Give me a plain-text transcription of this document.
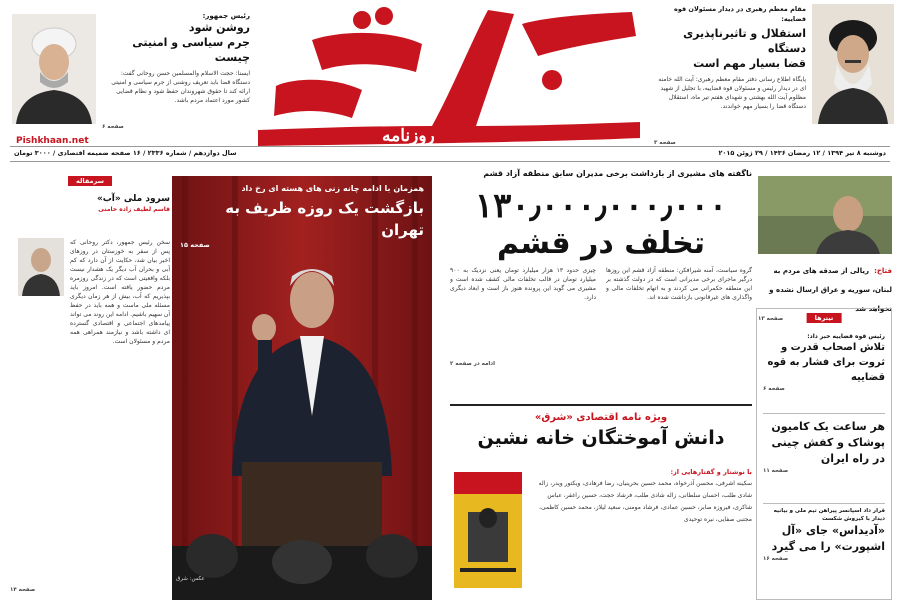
مقام معظم رهبری در دیدار مسئولان قوه قضاییه:
استقلال و تاثیرناپذیری دستگاه
قضا بسیار مهم است
پایگاه اطلاع رسانی دفتر مقام معظم رهبری: آیت الله خامنه ای در دیدار رئیس و مسئولان قوه قضاییه، با تجلیل از شهید مظلوم آیت الله بهشتی و شهدای هفتم تیر ماه، استقلال دستگاه قضا را بسیار مهم خواندند.
صفحه ۳
روزنامه
Pishkhaan.net
رئیس جمهور:
روشن شود
جرم سیاسی و امنیتی چیست
ایسنا: حجت الاسلام والمسلمین حسن روحانی گفت: دستگاه قضا باید تعریف روشنی از جرم سیاسی و امنیتی ارائه کند تا حقوق شهروندان حفظ شود و نظام قضایی کشور مورد اعتماد مردم باشد.
صفحه ۶
دوشنبه ۸ تیر ۱۳۹۴ / ۱۲ رمضان ۱۴۳۶ / ۲۹ ژوئن ۲۰۱۵
سال دوازدهم / شماره ۲۳۳۶ / ۱۶ صفحه ضمیمه اقتصادی / ۳۰۰۰ تومان
فتاح: ریالی از صدقه های مردم به لبنان، سوریه و عراق ارسال نشده و نخواهد شد
صفحه ۱۳	تیترها
رئیس قوه قضاییه خبر داد:
تلاش اصحاب قدرت و ثروت برای فشار به قوه قضاییه
صفحه ۶
هر ساعت یک کامیون پوشاک و کفش چینی در راه ایران
صفحه ۱۱
قرار داد اسپانسر پیراهن تیم ملی و بیانیه دیدار با کیروش شکست
«آدیداس» جای «آل اشپورت» را می گیرد
صفحه ۱۶
ناگفته های مشیری از بازداشت برخی مدیران سابق منطقه آزاد قشم
۱۳۰٫۰۰۰٫۰۰۰٫۰۰۰
تخلف در قشم
گروه سیاست، آمنه شیرافکن: منطقه آزاد قشم این روزها درگیر ماجرای برخی مدیرانی است که در دولت گذشته بر این منطقه حکمرانی می کردند و به اتهام تخلفات مالی و واگذاری های غیرقانونی بازداشت شده اند.
چیزی حدود ۱۳ هزار میلیارد تومان یعنی نزدیک به ۹۰۰ میلیارد تومان در قالب تخلفات مالی کشف شده است و مشیری می گوید این پرونده هنوز باز است و ابعاد دیگری دارد.
ادامه در صفحه ۲
ویژه نامه اقتصادی «شرق»
دانش آموختگان خانه نشین
با نوشتار و گفتارهایی از:
سکینه اشرفی، محسن آذرخواه، محمد حسین بحرینیان، رضا فرهادی، ویکتور ویدر، زاله شادی طلب، احسان سلطانی، زاله شادی طلب، فرشاد حجت، حسین راغفر، عباس شاکری، فیروزه صابر، حسین عمادی، فرشاد مومنی، سعید لیلاز، محمد حسین کاظمی، مجتبی صفایی، نیره توحیدی
همزمان با ادامه چانه زنی های هسته ای رخ داد
بازگشت یک روزه ظریف به تهران
صفحه ۱۵
عکس: شرق
سرمقاله
سرود ملی «آب»
قاسم لطیف زاده خامنی
سخن رئیس جمهور، دکتر روحانی که پس از سفر به خوزستان در روزهای اخیر بیان شد، حکایت از آن دارد که کم آبی و بحران آب دیگر یک هشدار نیست بلکه واقعیتی است که در زندگی روزمره مردم حضور یافته است. امروز باید بپذیریم که آب، بیش از هر زمان دیگری مسئله ملی ماست و همه باید در حفظ آن سهیم باشیم. ادامه این روند می تواند پیامدهای اجتماعی و اقتصادی گسترده ای داشته باشد و نیازمند همراهی همه مردم و مسئولان است.
صفحه ۱۴
